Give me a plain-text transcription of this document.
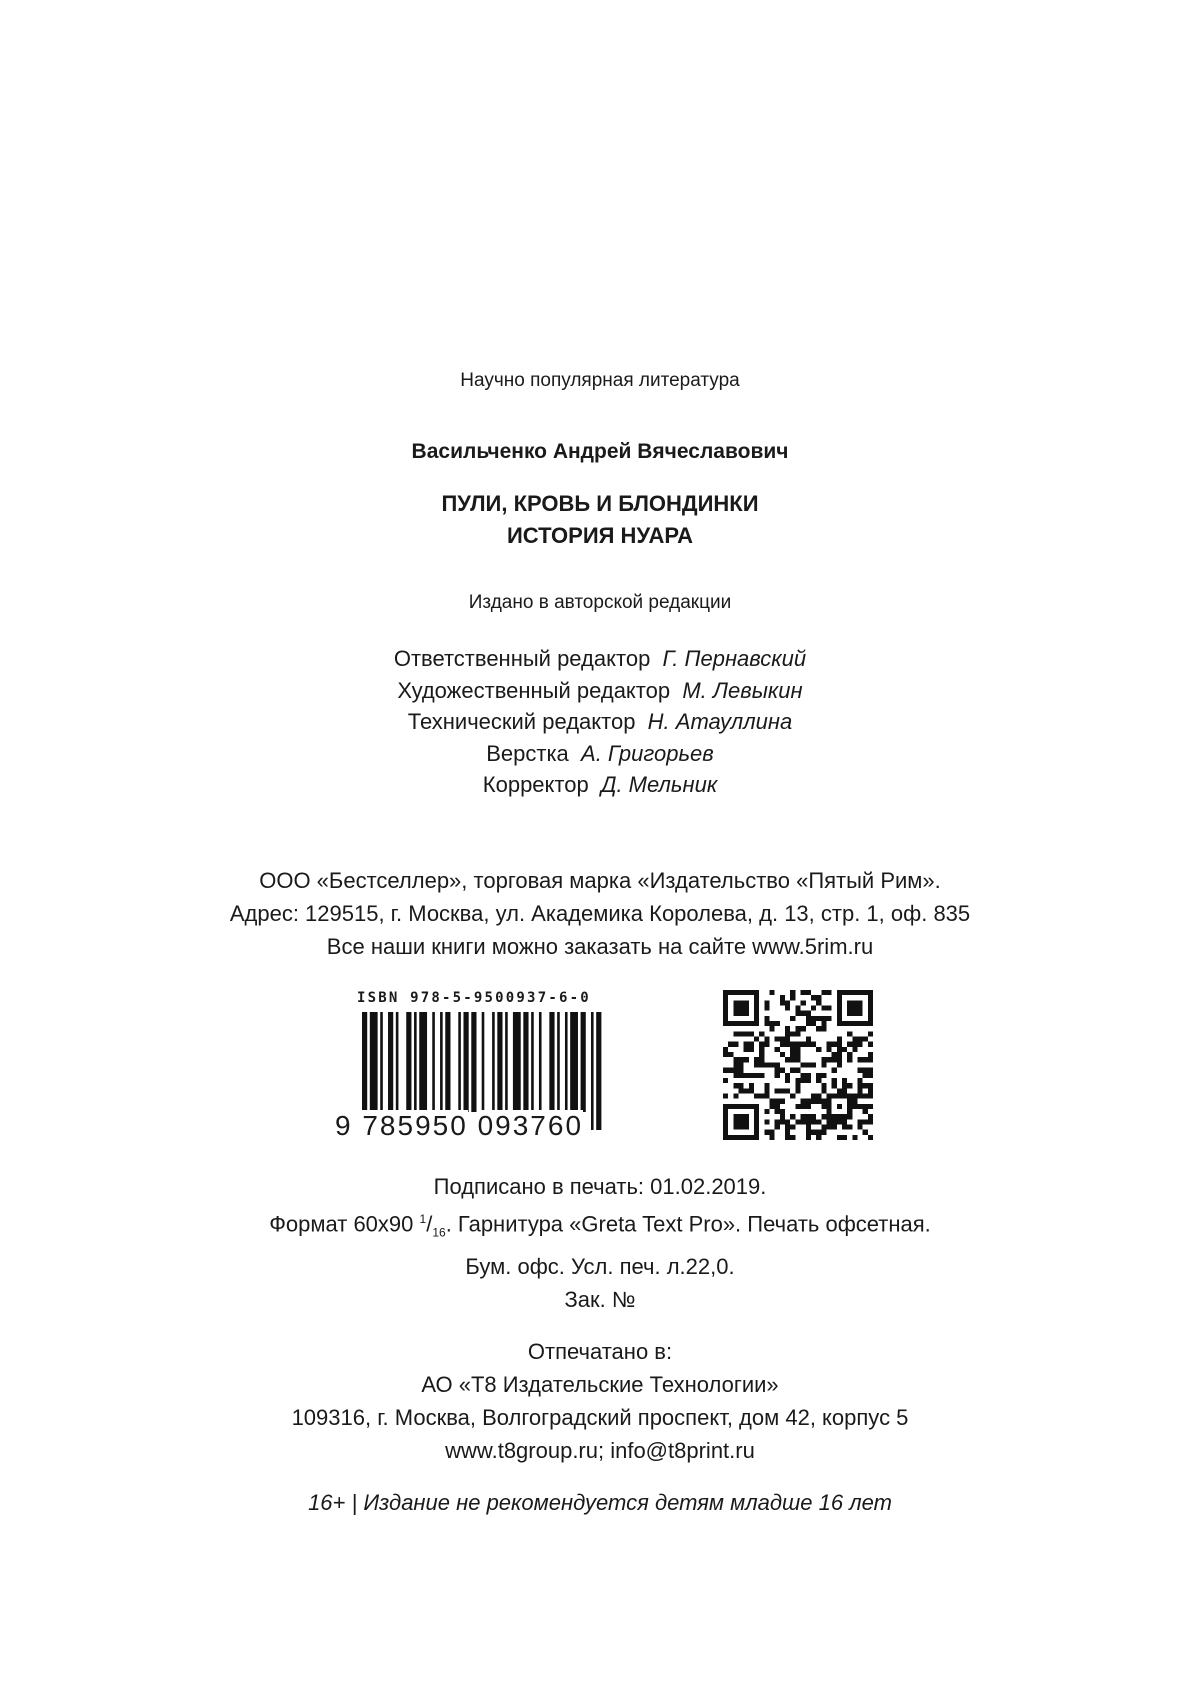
Научно популярная литература
Васильченко Андрей Вячеславович
ПУЛИ, КРОВЬ И БЛОНДИНКИ
ИСТОРИЯ НУАРА
Издано в авторской редакции
Ответственный редактор Г. Пернавский
Художественный редактор М. Левыкин
Технический редактор Н. Атауллина
Верстка А. Григорьев
Корректор Д. Мельник
ООО «Бестселлер», торговая марка «Издательство «Пятый Рим».
Адрес: 129515, г. Москва, ул. Академика Королева, д. 13, стр. 1, оф. 835
Все наши книги можно заказать на сайте www.5rim.ru
ISBN 978-5-9500937-6-0
9 785950 093760
Подписано в печать: 01.02.2019.
Формат 60х90 $^1/_{16}$. Гарнитура «Greta Text Pro». Печать офсетная.
Бум. офс. Усл. печ. л.22,0.
Зак. №
Отпечатано в:
АО «Т8 Издательские Технологии»
109316, г. Москва, Волгоградский проспект, дом 42, корпус 5
www.t8group.ru; info@t8print.ru
16+ | Издание не рекомендуется детям младше 16 лет
